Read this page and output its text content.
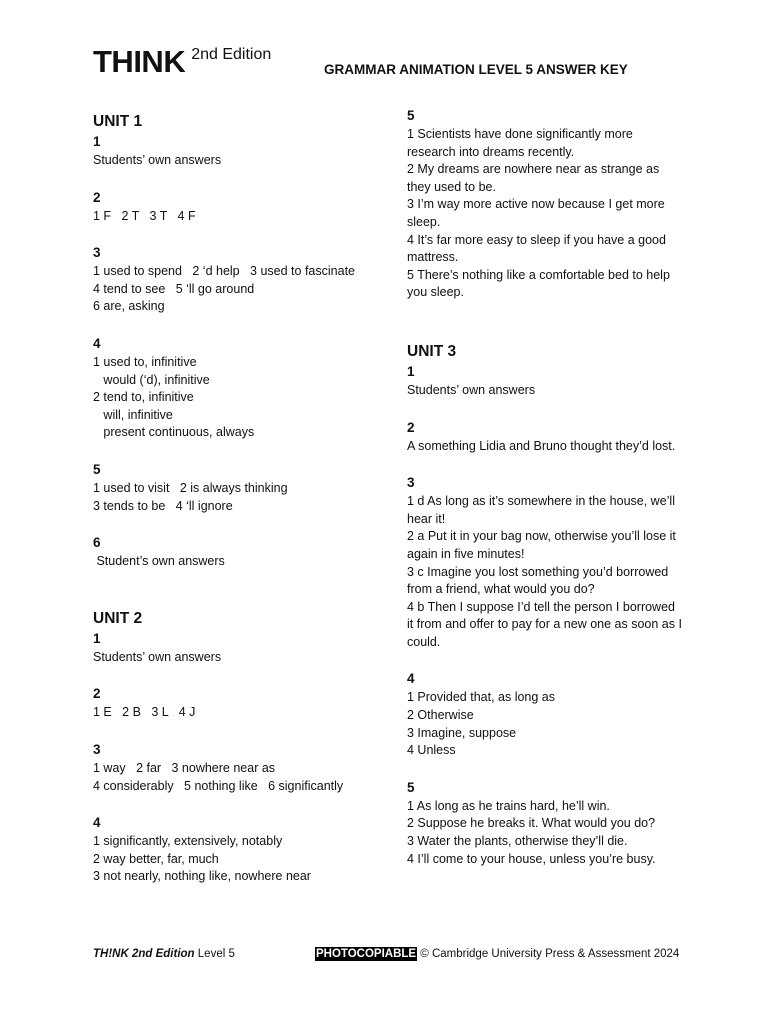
THINK 2nd Edition
GRAMMAR ANIMATION LEVEL 5 ANSWER KEY
UNIT 1
1
Students’ own answers
2
1 F   2 T   3 T   4 F
3
1 used to spend   2 ‘d help   3 used to fascinate
4 tend to see   5 ‘ll go around
6 are, asking
4
1 used to, infinitive
would (‘d), infinitive
2 tend to, infinitive
will, infinitive
present continuous, always
5
1 used to visit   2 is always thinking
3 tends to be   4 ‘ll ignore
6
Student’s own answers
UNIT 2
1
Students’ own answers
2
1 E   2 B   3 L   4 J
3
1 way   2 far   3 nowhere near as
4 considerably   5 nothing like   6 significantly
4
1 significantly, extensively, notably
2 way better, far, much
3 not nearly, nothing like, nowhere near
5
1 Scientists have done significantly more research into dreams recently.
2 My dreams are nowhere near as strange as they used to be.
3 I’m way more active now because I get more sleep.
4 It’s far more easy to sleep if you have a good mattress.
5 There’s nothing like a comfortable bed to help you sleep.
UNIT 3
1
Students’ own answers
2
A something Lidia and Bruno thought they’d lost.
3
1 d As long as it’s somewhere in the house, we’ll hear it!
2 a Put it in your bag now, otherwise you’ll lose it again in five minutes!
3 c Imagine you lost something you’d borrowed from a friend, what would you do?
4 b Then I suppose I’d tell the person I borrowed it from and offer to pay for a new one as soon as I could.
4
1 Provided that, as long as
2 Otherwise
3 Imagine, suppose
4 Unless
5
1 As long as he trains hard, he’ll win.
2 Suppose he breaks it. What would you do?
3 Water the plants, otherwise they’ll die.
4 I’ll come to your house, unless you’re busy.
TH!NK 2nd Edition Level 5	PHOTOCOPIABLE © Cambridge University Press & Assessment 2024
